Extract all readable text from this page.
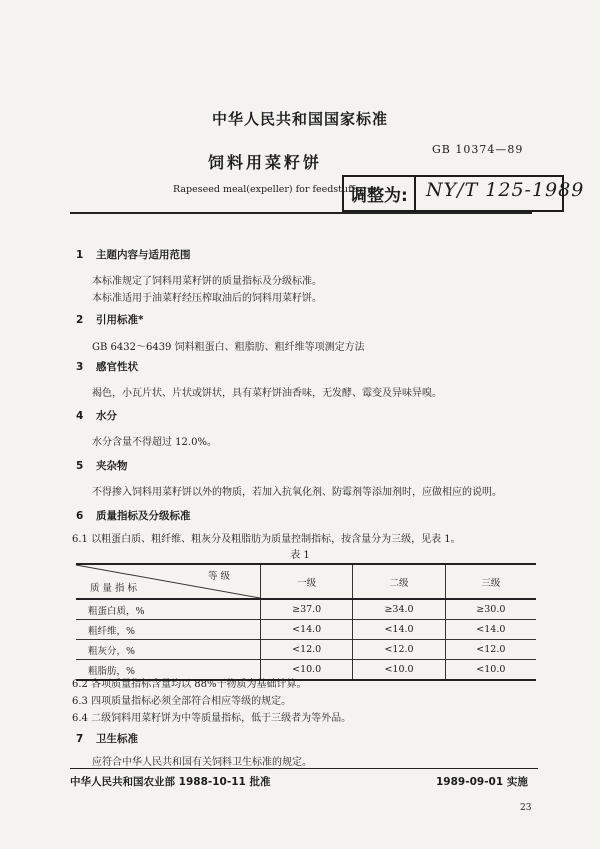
中华人民共和国国家标准
GB 10374—89
饲料用菜籽饼
Rapeseed meal(expeller) for feedstuffs
调整为: NY/T 125-1989
1 主题内容与适用范围
本标准规定了饲料用菜籽饼的质量指标及分级标准。
本标准适用于油菜籽经压榨取油后的饲料用菜籽饼。
2 引用标准*
GB 6432～6439 饲料粗蛋白、粗脂肪、粗纤维等项测定方法
3 感官性状
褐色，小瓦片状、片状或饼状，具有菜籽饼油香味，无发酵、霉变及异味异嗅。
4 水分
水分含量不得超过 12.0%。
5 夹杂物
不得掺入饲料用菜籽饼以外的物质，若加入抗氧化剂、防霉剂等添加剂时，应做相应的说明。
6 质量指标及分级标准
6.1 以粗蛋白质、粗纤维、粗灰分及粗脂肪为质量控制指标，按含量分为三级，见表 1。
表 1
等 级
质 量 指 标	一级	二级	三级
粗蛋白质，%	≥37.0	≥34.0	≥30.0
粗纤维，%	<14.0	<14.0	<14.0
粗灰分，%	<12.0	<12.0	<12.0
粗脂肪，%	<10.0	<10.0	<10.0
6.2 各项质量指标含量均以 88%干物质为基础计算。
6.3 四项质量指标必须全部符合相应等级的规定。
6.4 二级饲料用菜籽饼为中等质量指标，低于三级者为等外品。
7 卫生标准
应符合中华人民共和国有关饲料卫生标准的规定。
中华人民共和国农业部 1988-10-11 批准	1989-09-01 实施
23
